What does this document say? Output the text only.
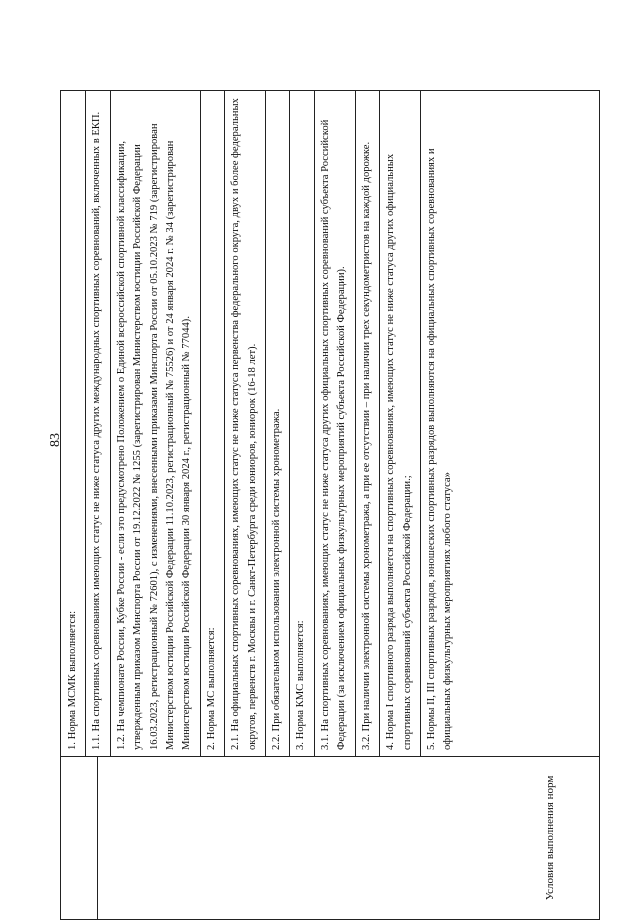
83

1. Норма МСМК выполняется:	1.1. На спортивных соревнованиях имеющих статус не ниже статуса других международных спортивных соревнований, включенных в ЕКП.	1.2. На чемпионате России, Кубке России - если это предусмотрено Положением о Единой всероссийской спортивной классификации, утвержденным приказом Минспорта России от 19.12.2022 № 1255 (зарегистрирован Министерством юстиции Российской Федерации 16.03.2023, регистрационный № 72601), с изменениями, внесенными приказами Минспорта России от 05.10.2023 № 719 (зарегистрирован Министерством юстиции Российской Федерации 11.10.2023, регистрационный № 75526) и от 24 января 2024 г. № 34 (зарегистрирован Министерством юстиции Российской Федерации 30 января 2024 г., регистрационный № 77044).	2. Норма МС выполняется:	2.1. На официальных спортивных соревнованиях, имеющих статус не ниже статуса первенства федерального округа, двух и более федеральных округов, первенств г. Москвы и г. Санкт-Петербурга среди юниоров, юниорок (16-18 лет).	2.2. При обязательном использовании электронной системы хронометража.	3. Норма КМС выполняется:	3.1. На спортивных соревнованиях, имеющих статус не ниже статуса других официальных спортивных соревнований субъекта Российской Федерации (за исключением официальных физкультурных мероприятий субъекта Российской Федерации).	3.2. При наличии электронной системы хронометража, а при ее отсутствии – при наличии трех секундометристов на каждой дорожке.	4. Норма I спортивного разряда выполняется на спортивных соревнованиях, имеющих статус не ниже статуса других официальных спортивных соревнований субъекта Российской Федерации.;	5. Нормы II, III спортивных разрядов, юношеских спортивных разрядов выполняются на официальных спортивных соревнованиях и официальных физкультурных мероприятиях любого статуса»

Условия выполнения норм
